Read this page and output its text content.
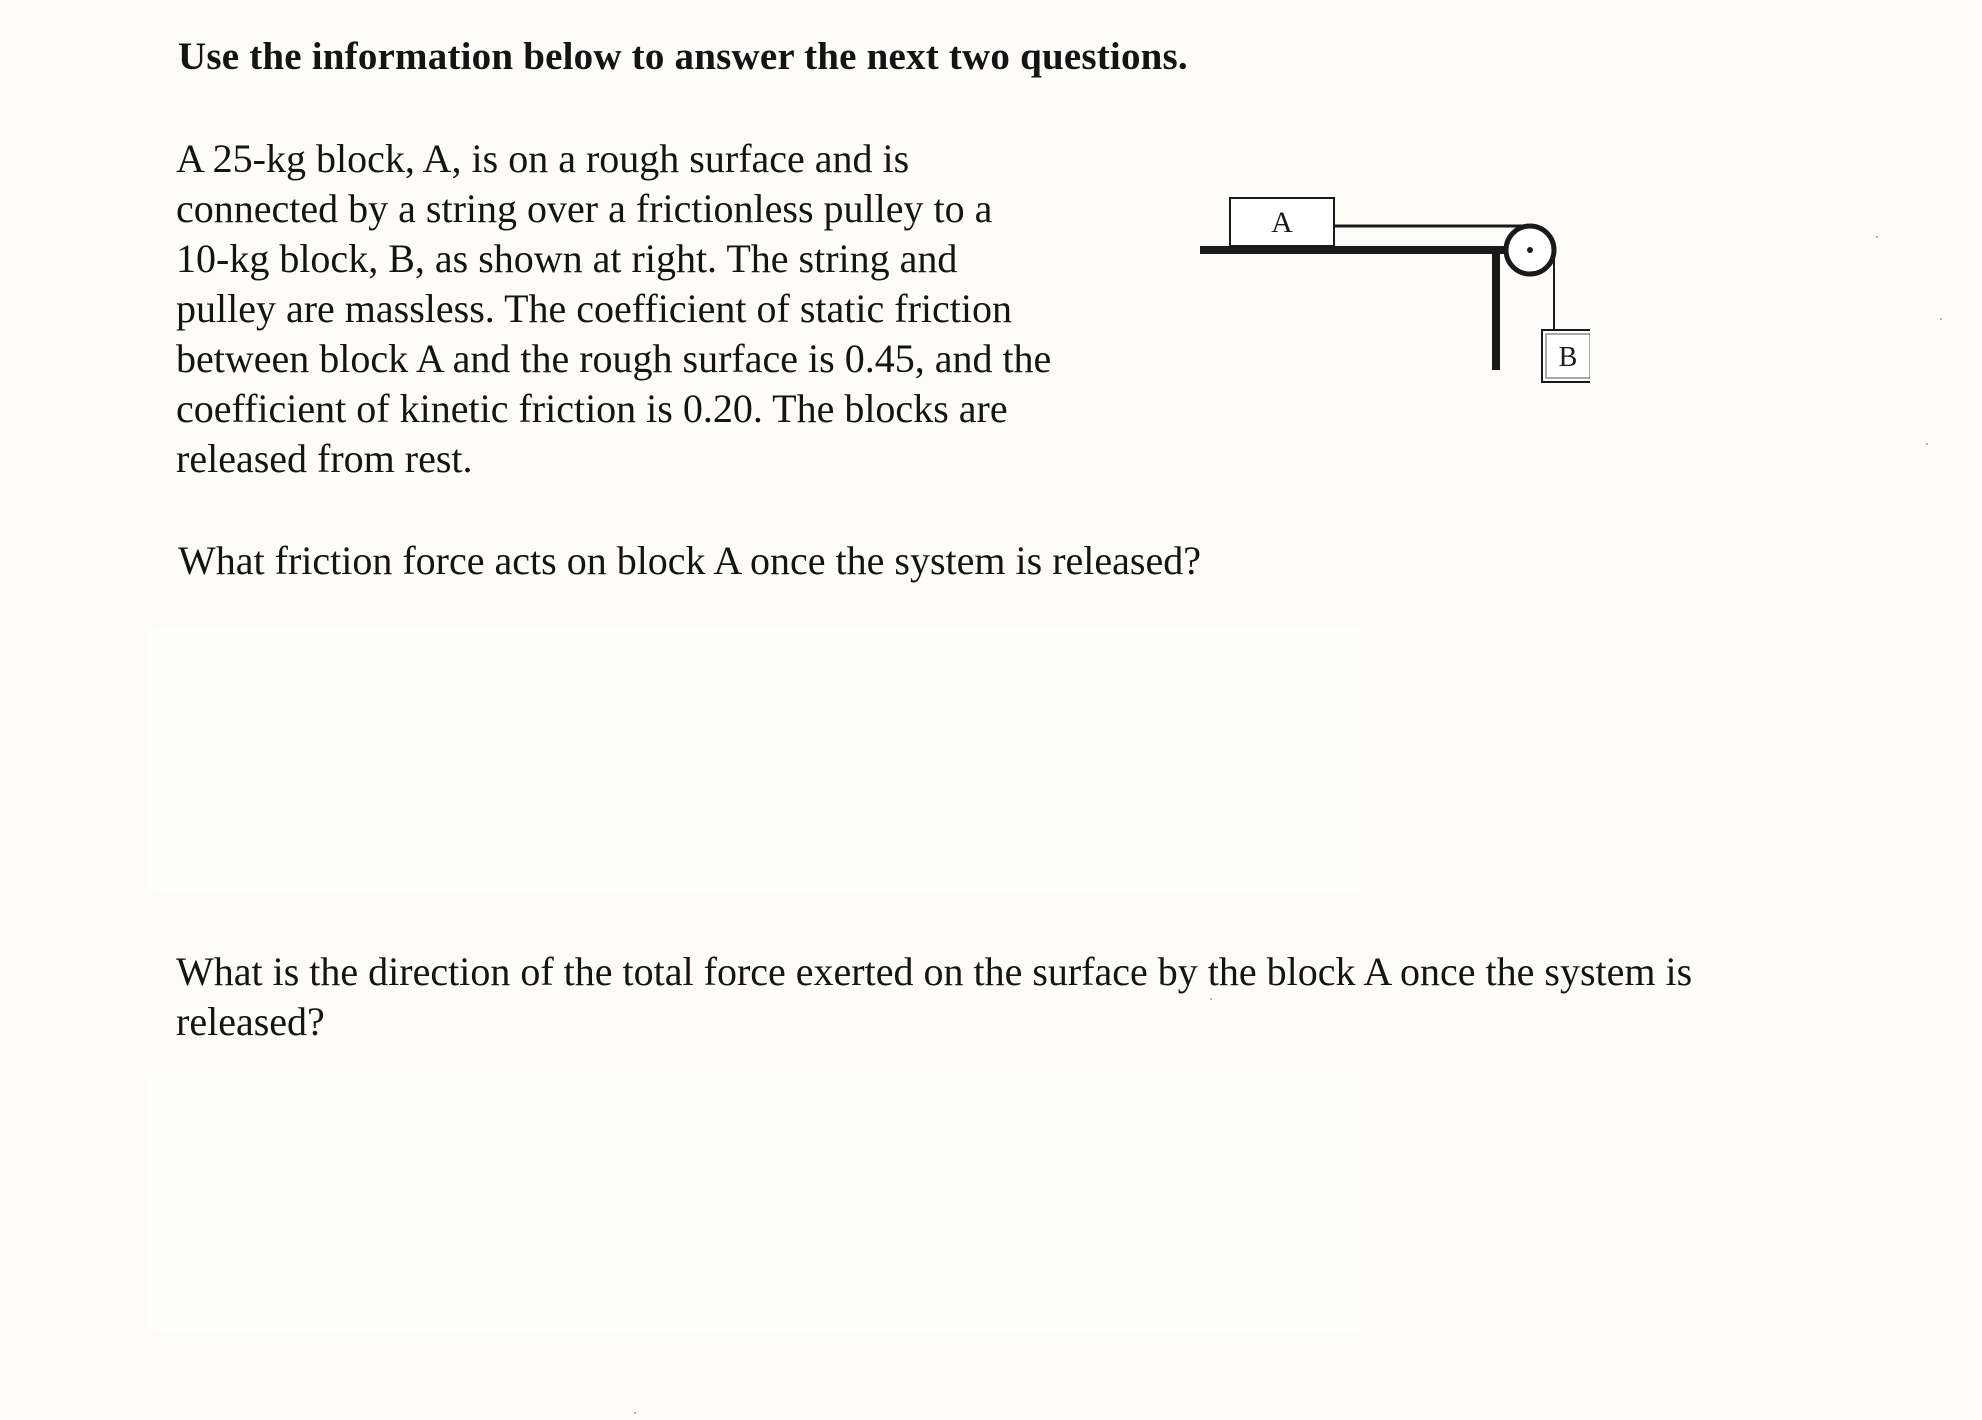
Use the information below to answer the next two questions.
A 25-kg block, A, is on a rough surface and is
connected by a string over a frictionless pulley to a
10-kg block, B, as shown at right. The string and
pulley are massless. The coefficient of static friction
between block A and the rough surface is 0.45, and the
coefficient of kinetic friction is 0.20. The blocks are
released from rest.
A
B
What friction force acts on block A once the system is released?
What is the direction of the total force exerted on the surface by the block A once the system is
released?
